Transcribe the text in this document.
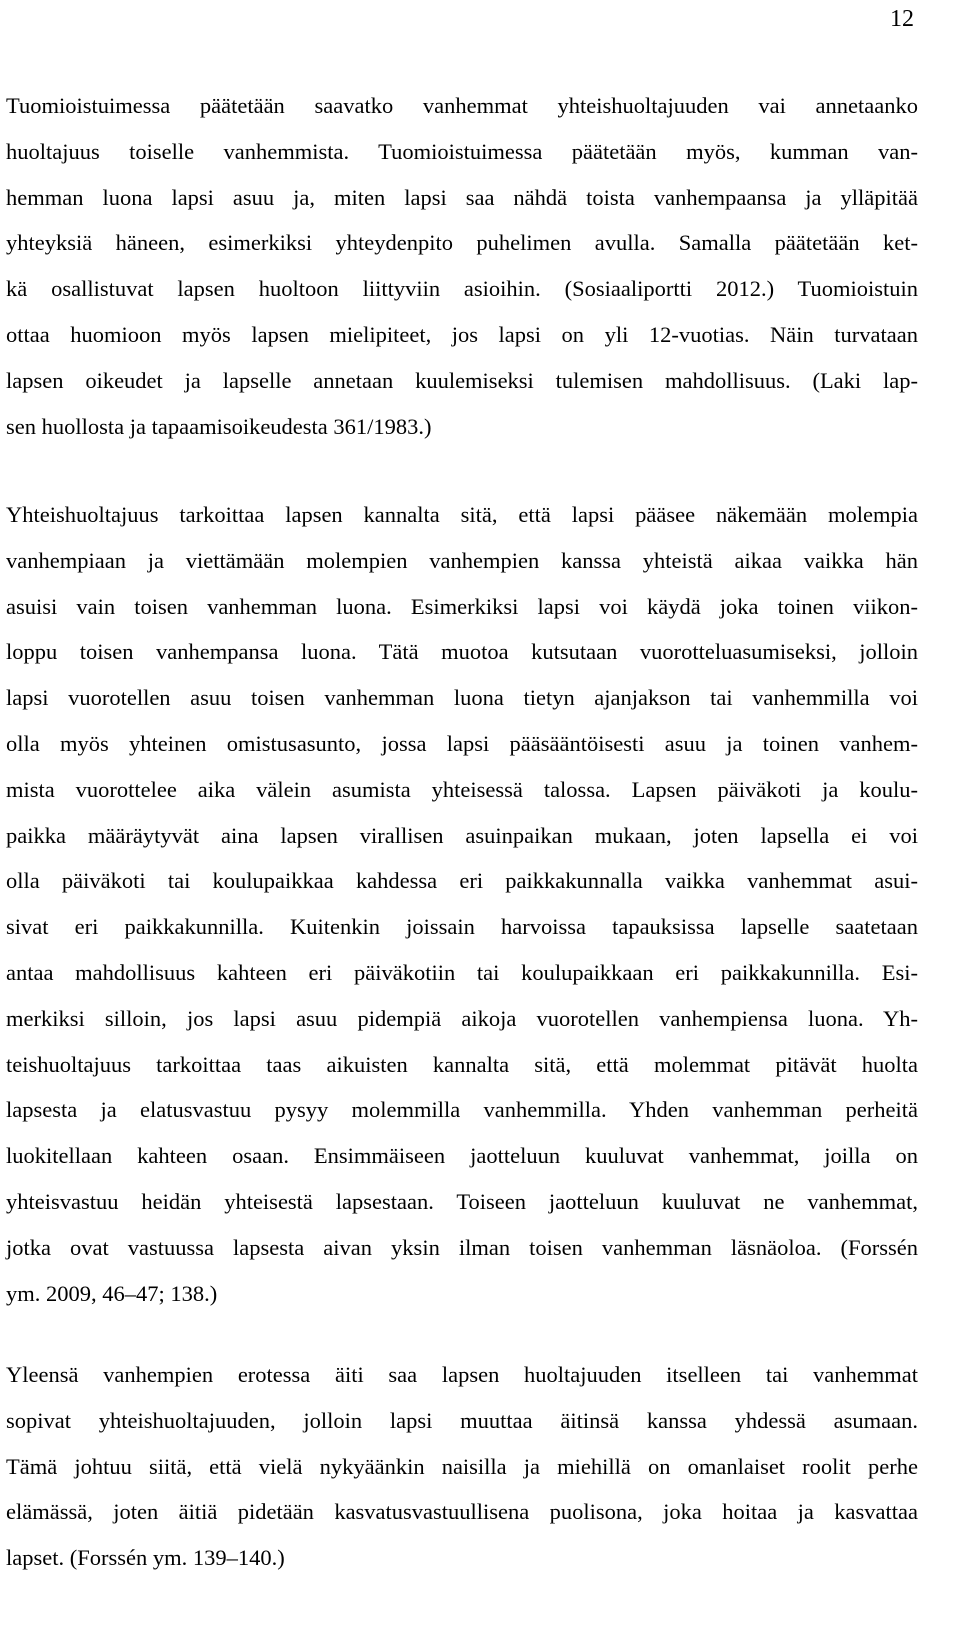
12

Tuomioistuimessa päätetään saavatko vanhemmat yhteishuoltajuuden vai annetaanko
huoltajuus toiselle vanhemmista. Tuomioistuimessa päätetään myös, kumman van-
hemman luona lapsi asuu ja, miten lapsi saa nähdä toista vanhempaansa ja ylläpitää
yhteyksiä häneen, esimerkiksi yhteydenpito puhelimen avulla. Samalla päätetään ket-
kä osallistuvat lapsen huoltoon liittyviin asioihin. (Sosiaaliportti 2012.) Tuomioistuin
ottaa huomioon myös lapsen mielipiteet, jos lapsi on yli 12-vuotias. Näin turvataan
lapsen oikeudet ja lapselle annetaan kuulemiseksi tulemisen mahdollisuus. (Laki lap-
sen huollosta ja tapaamisoikeudesta 361/1983.)

Yhteishuoltajuus tarkoittaa lapsen kannalta sitä, että lapsi pääsee näkemään molempia
vanhempiaan ja viettämään molempien vanhempien kanssa yhteistä aikaa vaikka hän
asuisi vain toisen vanhemman luona. Esimerkiksi lapsi voi käydä joka toinen viikon-
loppu toisen vanhempansa luona. Tätä muotoa kutsutaan vuorotteluasumiseksi, jolloin
lapsi vuorotellen asuu toisen vanhemman luona tietyn ajanjakson tai vanhemmilla voi
olla myös yhteinen omistusasunto, jossa lapsi pääsääntöisesti asuu ja toinen vanhem-
mista vuorottelee aika välein asumista yhteisessä talossa. Lapsen päiväkoti ja koulu-
paikka määräytyvät aina lapsen virallisen asuinpaikan mukaan, joten lapsella ei voi
olla päiväkoti tai koulupaikkaa kahdessa eri paikkakunnalla vaikka vanhemmat asui-
sivat eri paikkakunnilla. Kuitenkin joissain harvoissa tapauksissa lapselle saatetaan
antaa mahdollisuus kahteen eri päiväkotiin tai koulupaikkaan eri paikkakunnilla. Esi-
merkiksi silloin, jos lapsi asuu pidempiä aikoja vuorotellen vanhempiensa luona. Yh-
teishuoltajuus tarkoittaa taas aikuisten kannalta sitä, että molemmat pitävät huolta
lapsesta ja elatusvastuu pysyy molemmilla vanhemmilla. Yhden vanhemman perheitä
luokitellaan kahteen osaan. Ensimmäiseen jaotteluun kuuluvat vanhemmat, joilla on
yhteisvastuu heidän yhteisestä lapsestaan. Toiseen jaotteluun kuuluvat ne vanhemmat,
jotka ovat vastuussa lapsesta aivan yksin ilman toisen vanhemman läsnäoloa. (Forssén
ym. 2009, 46–47; 138.)

Yleensä vanhempien erotessa äiti saa lapsen huoltajuuden itselleen tai vanhemmat
sopivat yhteishuoltajuuden, jolloin lapsi muuttaa äitinsä kanssa yhdessä asumaan.
Tämä johtuu siitä, että vielä nykyäänkin naisilla ja miehillä on omanlaiset roolit perhe
elämässä, joten äitiä pidetään kasvatusvastuullisena puolisona, joka hoitaa ja kasvattaa
lapset. (Forssén ym. 139–140.)
